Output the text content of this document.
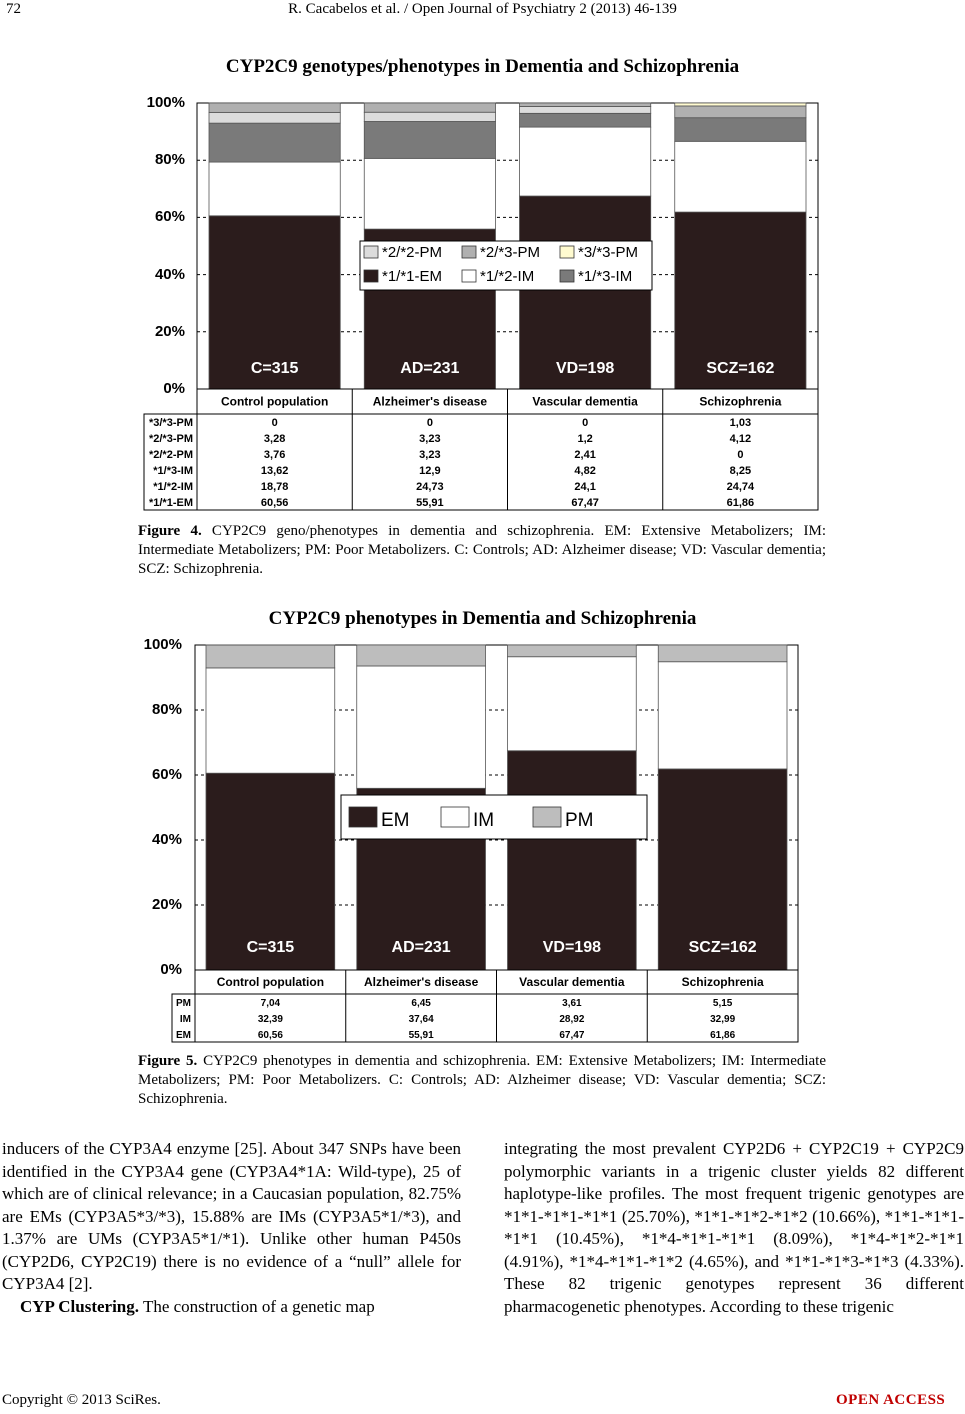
72	R. Cacabelos et al. / Open Journal of Psychiatry 2 (2013) 46-139
CYP2C9 genotypes/phenotypes in Dementia and Schizophrenia
100%
80%
60%
40%
20%
0%
C=315	AD=231	VD=198	SCZ=162
Control population	Alzheimer's disease	Vascular dementia	Schizophrenia
*3/*3-PM	0	0	0	1,03
*2/*3-PM	3,28	3,23	1,2	4,12
*2/*2-PM	3,76	3,23	2,41	0
*1/*3-IM	13,62	12,9	4,82	8,25
*1/*2-IM	18,78	24,73	24,1	24,74
*1/*1-EM	60,56	55,91	67,47	61,86
*2/*2-PM	*2/*3-PM	*3/*3-PM
*1/*1-EM	*1/*2-IM	*1/*3-IM
Figure 4. CYP2C9 geno/phenotypes in dementia and schizophrenia. EM: Extensive Metabolizers; IM: Intermediate Metabolizers; PM: Poor Metabolizers. C: Controls; AD: Alzheimer disease; VD: Vascular dementia; SCZ: Schizophrenia.
CYP2C9 phenotypes in Dementia and Schizophrenia
100%
80%
60%
40%
20%
0%
C=315	AD=231	VD=198	SCZ=162
Control population	Alzheimer's disease	Vascular dementia	Schizophrenia
PM	7,04	6,45	3,61	5,15
IM	32,39	37,64	28,92	32,99
EM	60,56	55,91	67,47	61,86
EM	IM	PM
Figure 5. CYP2C9 phenotypes in dementia and schizophrenia. EM: Extensive Metabolizers; IM: Intermediate Metabolizers; PM: Poor Metabolizers. C: Controls; AD: Alzheimer disease; VD: Vascular dementia; SCZ: Schizophrenia.
inducers of the CYP3A4 enzyme [25]. About 347 SNPs have been identified in the CYP3A4 gene (CYP3A4*1A: Wild-type), 25 of which are of clinical relevance; in a Caucasian population, 82.75% are EMs (CYP3A5*3/*3), 15.88% are IMs (CYP3A5*1/*3), and 1.37% are UMs (CYP3A5*1/*1). Unlike other human P450s (CYP2D6, CYP2C19) there is no evidence of a “null” allele for CYP3A4 [2].
CYP Clustering. The construction of a genetic map
integrating the most prevalent CYP2D6 + CYP2C19 + CYP2C9 polymorphic variants in a trigenic cluster yields 82 different haplotype-like profiles. The most frequent trigenic genotypes are *1*1-*1*1-*1*1 (25.70%), *1*1-*1*2-*1*2 (10.66%), *1*1-*1*1-*1*1 (10.45%), *1*4-*1*1-*1*1 (8.09%), *1*4-*1*2-*1*1 (4.91%), *1*4-*1*1-*1*2 (4.65%), and *1*1-*1*3-*1*3 (4.33%). These 82 trigenic genotypes represent 36 different pharmacogenetic phenotypes. According to these trigenic
Copyright © 2013 SciRes.	OPEN ACCESS
